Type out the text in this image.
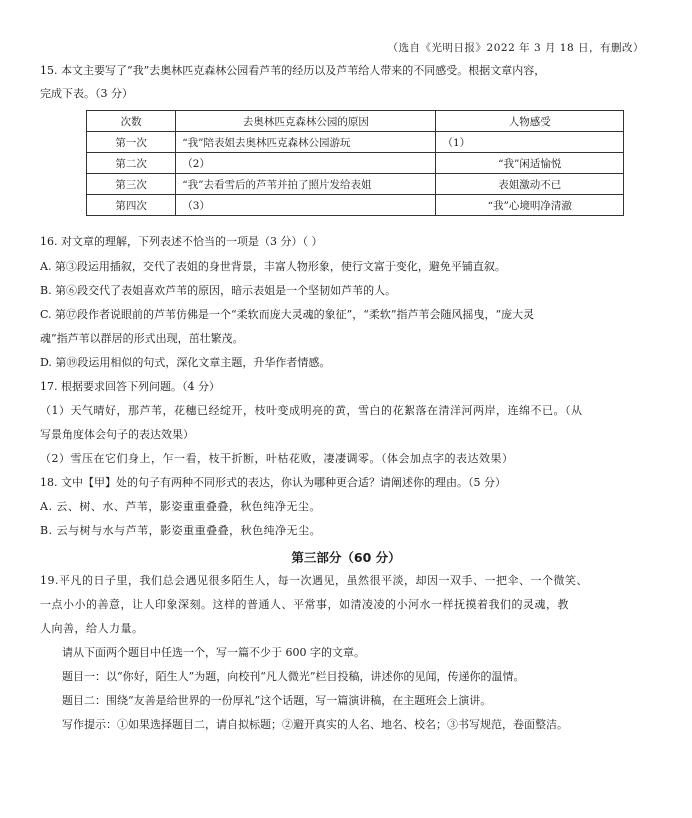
（选自《光明日报》2022 年 3 月 18 日，有删改）
15. 本文主要写了“我”去奥林匹克森林公园看芦苇的经历以及芦苇给人带来的不同感受。根据文章内容，
完成下表。（3 分）
次数	去奥林匹克森林公园的原因	人物感受
第一次	“我”陪表姐去奥林匹克森林公园游玩	（1）
第二次	（2）	“我”闲适愉悦
第三次	“我”去看雪后的芦苇并拍了照片发给表姐	表姐激动不已
第四次	（3）	“我”心境明净清澈
16. 对文章的理解，下列表述不恰当的一项是（3 分）（ ）
A. 第③段运用插叙，交代了表姐的身世背景，丰富人物形象，使行文富于变化，避免平铺直叙。
B. 第⑥段交代了表姐喜欢芦苇的原因，暗示表姐是一个坚韧如芦苇的人。
C. 第⑰段作者说眼前的芦苇仿佛是一个“柔软而庞大灵魂的象征”，“柔软”指芦苇会随风摇曳，“庞大灵
魂”指芦苇以群居的形式出现，茁壮繁茂。
D. 第⑲段运用相似的句式，深化文章主题，升华作者情感。
17. 根据要求回答下列问题。（4 分）
（1）天气晴好，那芦苇，花穗已经绽开，枝叶变成明亮的黄，雪白的花絮落在清洋河两岸，连绵不已。（从
写景角度体会句子的表达效果）
（2）雪压在它们身上，乍一看，枝干折断，叶枯花败，凄凄调零。（体会加点字的表达效果）
18. 文中【甲】处的句子有两种不同形式的表达，你认为哪种更合适？请阐述你的理由。（5 分）
A. 云、树、水、芦苇，影姿重重叠叠，秋色纯净无尘。
B. 云与树与水与芦苇，影姿重重叠叠，秋色纯净无尘。
第三部分（60 分）
19.平凡的日子里，我们总会遇见很多陌生人，每一次遇见，虽然很平淡，却因一双手、一把伞、一个微笑、
一点小小的善意，让人印象深刻。这样的普通人、平常事，如清凌凌的小河水一样抚摸着我们的灵魂，教
人向善，给人力量。
请从下面两个题目中任选一个，写一篇不少于 600 字的文章。
题目一：以“你好，陌生人”为题，向校刊“凡人微光”栏目投稿，讲述你的见闻，传递你的温情。
题目二：围绕“友善是给世界的一份厚礼”这个话题，写一篇演讲稿，在主题班会上演讲。
写作提示：①如果选择题目二，请自拟标题；②避开真实的人名、地名、校名；③书写规范，卷面整洁。
